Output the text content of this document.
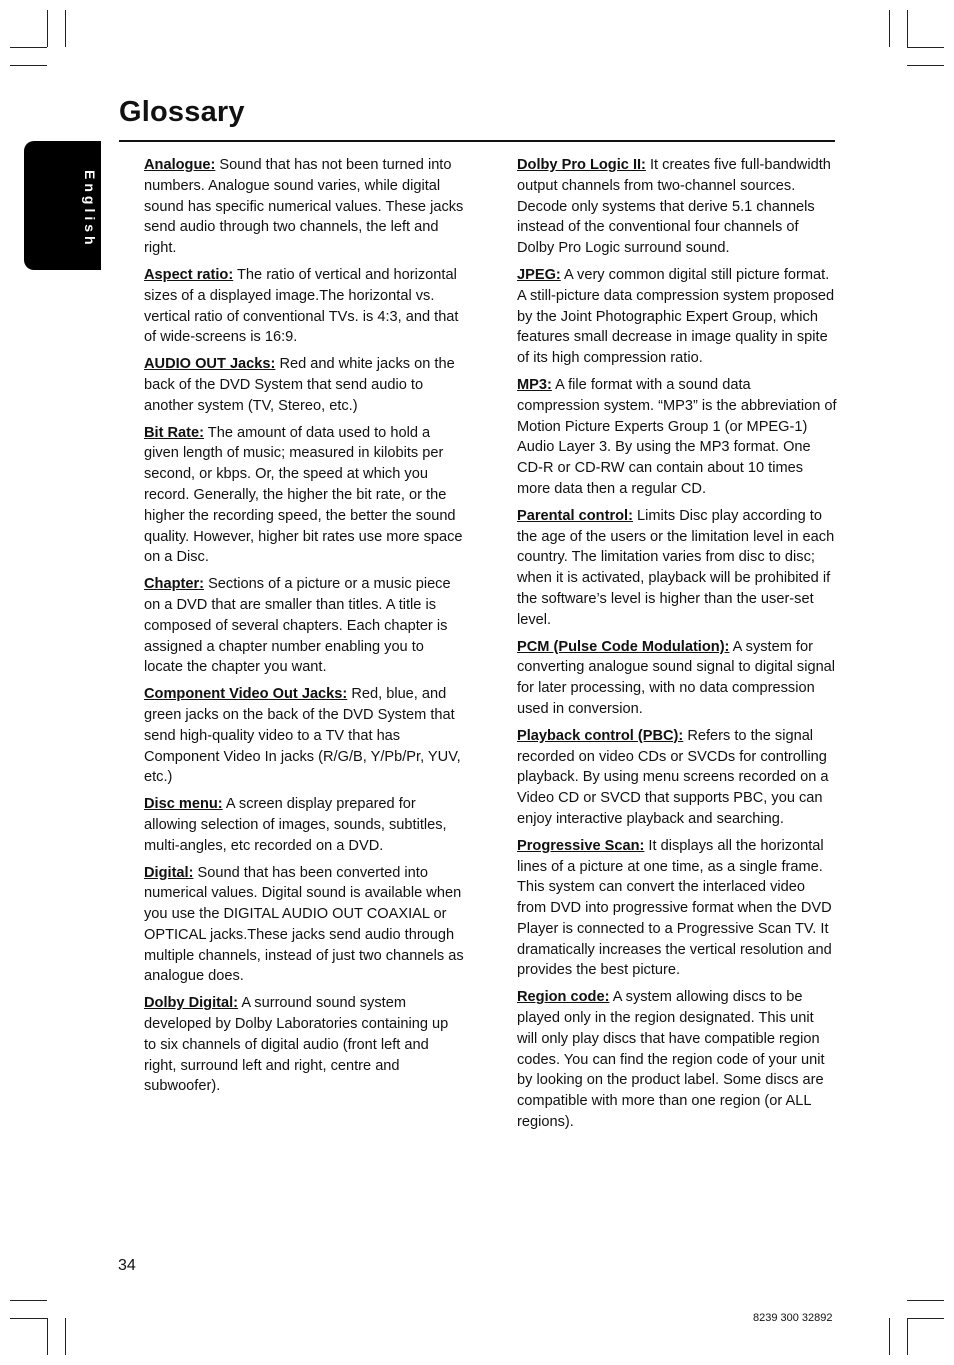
Glossary
English

Analogue: Sound that has not been turned into numbers. Analogue sound varies, while digital sound has specific numerical values. These jacks send audio through two channels, the left and right.

Aspect ratio: The ratio of vertical and horizontal sizes of a displayed image.The horizontal vs. vertical ratio of conventional TVs. is 4:3, and that of wide-screens is 16:9.

AUDIO OUT Jacks: Red and white jacks on the back of the DVD System that send audio to another system (TV, Stereo, etc.)

Bit Rate: The amount of data used to hold a given length of music; measured in kilobits per second, or kbps. Or, the speed at which you record. Generally, the higher the bit rate, or the higher the recording speed, the better the sound quality. However, higher bit rates use more space on a Disc.

Chapter: Sections of a picture or a music piece on a DVD that are smaller than titles. A title is composed of several chapters. Each chapter is assigned a chapter number enabling you to locate the chapter you want.

Component Video Out Jacks: Red, blue, and green jacks on the back of the DVD System that send high-quality video to a TV that has Component Video In jacks (R/G/B, Y/Pb/Pr, YUV, etc.)

Disc menu: A screen display prepared for allowing selection of images, sounds, subtitles, multi-angles, etc recorded on a DVD.

Digital: Sound that has been converted into numerical values. Digital sound is available when you use the DIGITAL AUDIO OUT COAXIAL or OPTICAL jacks.These jacks send audio through multiple channels, instead of just two channels as analogue does.

Dolby Digital: A surround sound system developed by Dolby Laboratories containing up to six channels of digital audio (front left and right, surround left and right, centre and subwoofer).

Dolby Pro Logic II: It creates five full-bandwidth output channels from two-channel sources. Decode only systems that derive 5.1 channels instead of the conventional four channels of Dolby Pro Logic surround sound.

JPEG: A very common digital still picture format. A still-picture data compression system proposed by the Joint Photographic Expert Group, which features small decrease in image quality in spite of its high compression ratio.

MP3: A file format with a sound data compression system. “MP3” is the abbreviation of Motion Picture Experts Group 1 (or MPEG-1) Audio Layer 3. By using the MP3 format. One CD-R or CD-RW can contain about 10 times more data then a regular CD.

Parental control: Limits Disc play according to the age of the users or the limitation level in each country. The limitation varies from disc to disc; when it is activated, playback will be prohibited if the software’s level is higher than the user-set level.

PCM (Pulse Code Modulation): A system for converting analogue sound signal to digital signal for later processing, with no data compression used in conversion.

Playback control (PBC): Refers to the signal recorded on video CDs or SVCDs for controlling playback. By using menu screens recorded on a Video CD or SVCD that supports PBC, you can enjoy interactive playback and searching.

Progressive Scan: It displays all the horizontal lines of a picture at one time, as a single frame. This system can convert the interlaced video from DVD into progressive format when the DVD Player is connected to a Progressive Scan TV. It dramatically increases the vertical resolution and provides the best picture.

Region code: A system allowing discs to be played only in the region designated. This unit will only play discs that have compatible region codes. You can find the region code of your unit by looking on the product label. Some discs are compatible with more than one region (or ALL regions).

34
8239 300 32892
